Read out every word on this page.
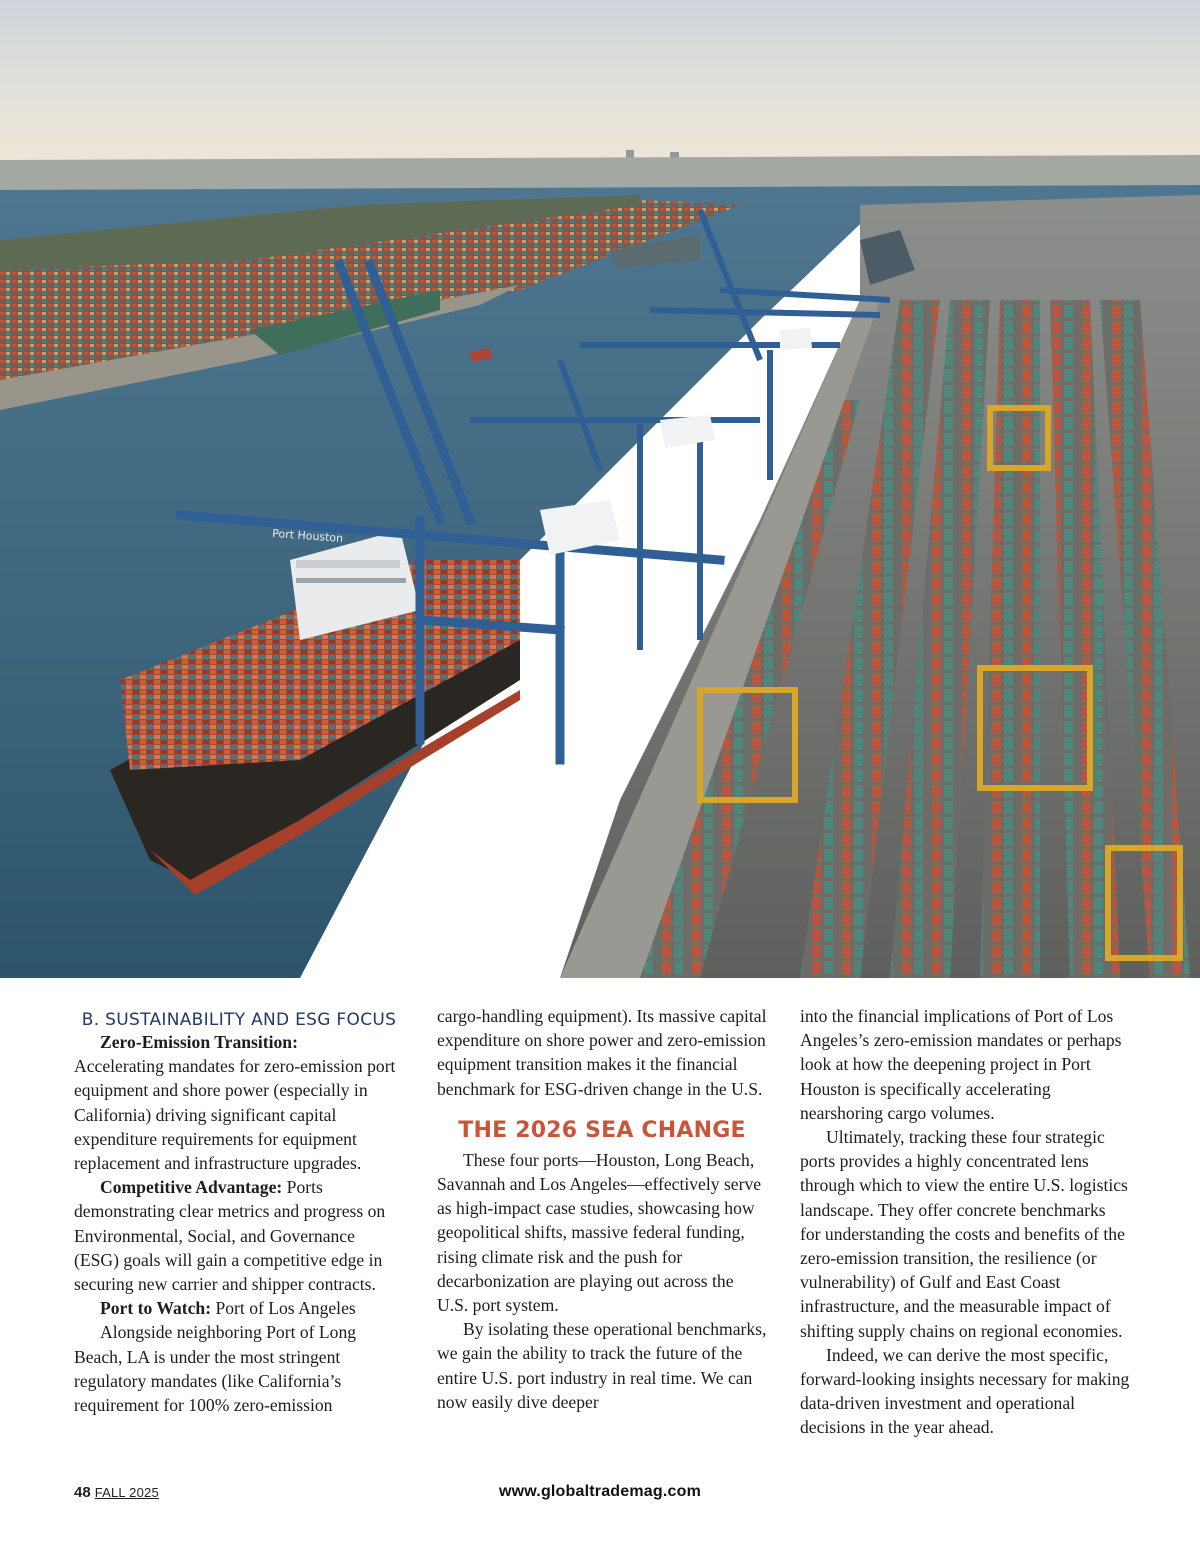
Port Houston
B. SUSTAINABILITY AND ESG FOCUS

Zero-Emission Transition:

Accelerating mandates for zero-emission port equipment and shore power (especially in California) driving significant capital expenditure requirements for equipment replacement and infrastructure upgrades.

Competitive Advantage: Ports demonstrating clear metrics and progress on Environmental, Social, and Governance (ESG) goals will gain a competitive edge in securing new carrier and shipper contracts.

Port to Watch: Port of Los Angeles

Alongside neighboring Port of Long Beach, LA is under the most stringent regulatory mandates (like California’s requirement for 100% zero-emission

cargo-handling equipment). Its massive capital expenditure on shore power and zero-emission equipment transition makes it the financial benchmark for ESG-driven change in the U.S.

THE 2026 SEA CHANGE

These four ports—Houston, Long Beach, Savannah and Los Angeles—effectively serve as high-impact case studies, showcasing how geopolitical shifts, massive federal funding, rising climate risk and the push for decarbonization are playing out across the U.S. port system.

By isolating these operational benchmarks, we gain the ability to track the future of the entire U.S. port industry in real time. We can now easily dive deeper

into the financial implications of Port of Los Angeles’s zero-emission mandates or perhaps look at how the deepening project in Port Houston is specifically accelerating nearshoring cargo volumes.

Ultimately, tracking these four strategic ports provides a highly concentrated lens through which to view the entire U.S. logistics landscape. They offer concrete benchmarks for understanding the costs and benefits of the zero-emission transition, the resilience (or vulnerability) of Gulf and East Coast infrastructure, and the measurable impact of shifting supply chains on regional economies.

Indeed, we can derive the most specific, forward-looking insights necessary for making data-driven investment and operational decisions in the year ahead.

48 FALL 2025	www.globaltrademag.com
